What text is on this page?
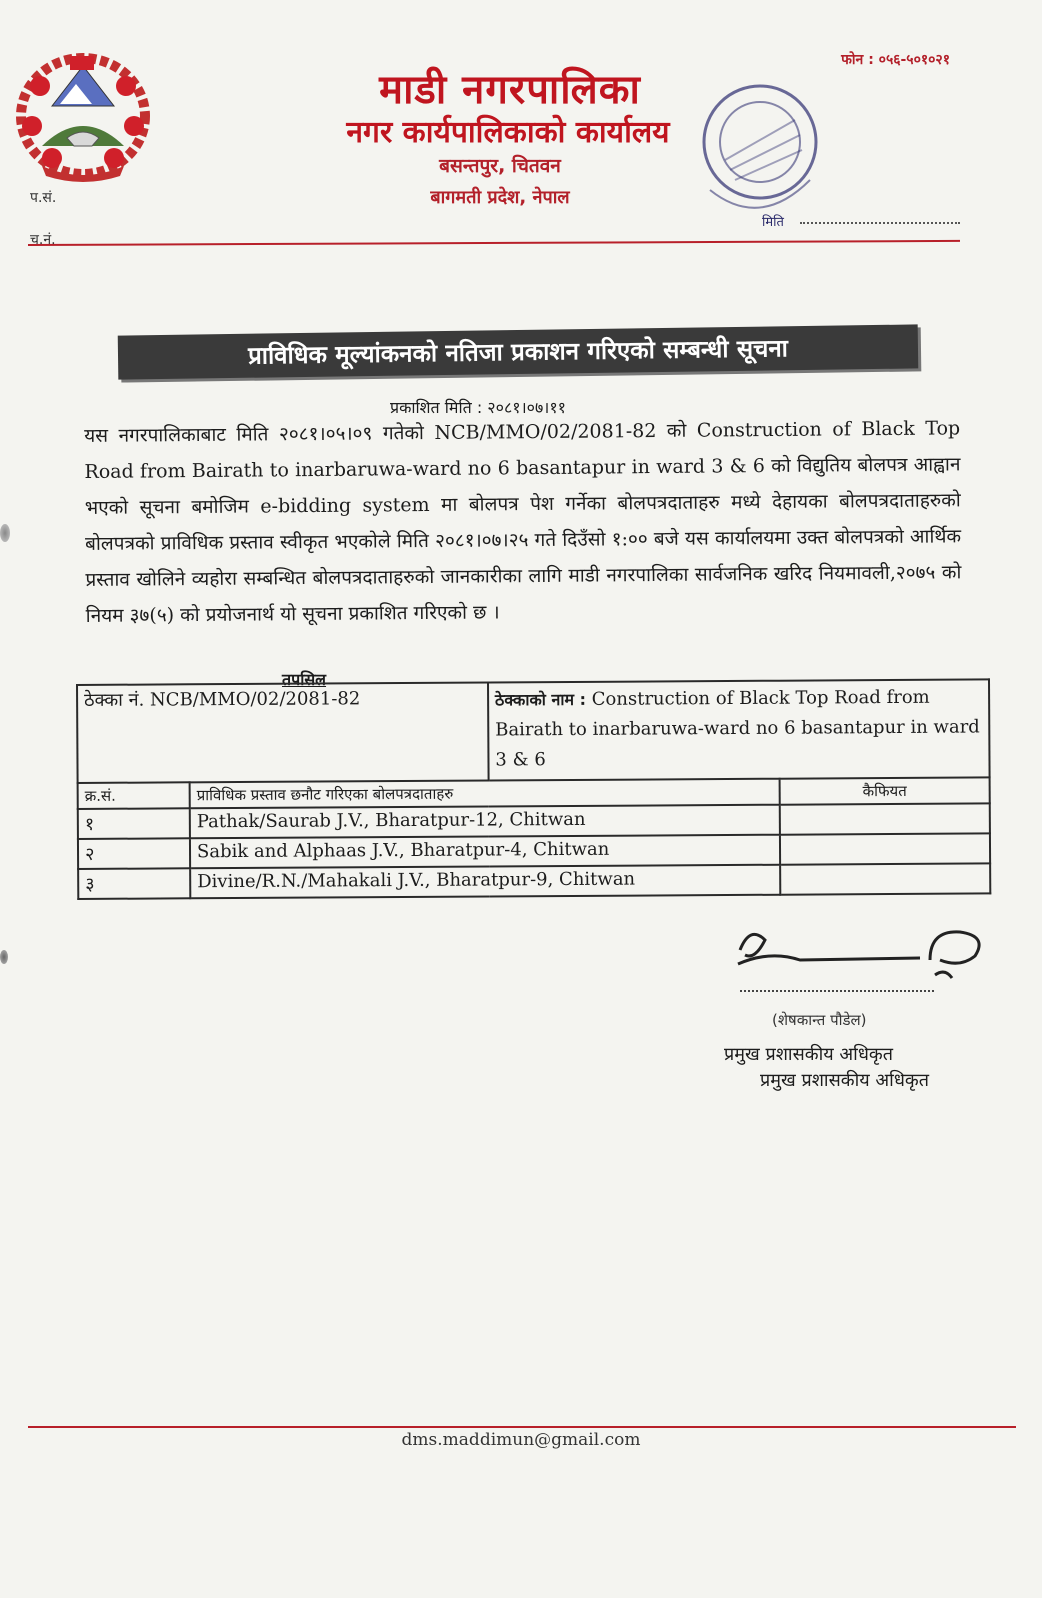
फोन : ०५६-५०१०२१
माडी नगरपालिका
नगर कार्यपालिकाको कार्यालय
बसन्तपुर, चितवन
बागमती प्रदेश, नेपाल
प.सं.
च.नं.
मिति
प्राविधिक मूल्यांकनको नतिजा प्रकाशन गरिएको सम्बन्धी सूचना
प्रकाशित मिति : २०८१।०७।११
यस नगरपालिकाबाट मिति २०८१।०५।०९ गतेको NCB/MMO/02/2081-82 को Construction of Black Top Road from Bairath to inarbaruwa-ward no 6 basantapur in ward 3 & 6 को विद्युतिय बोलपत्र आह्वान भएको सूचना बमोजिम e-bidding system मा बोलपत्र पेश गर्नेका बोलपत्रदाताहरु मध्ये देहायका बोलपत्रदाताहरुको बोलपत्रको प्राविधिक प्रस्ताव स्वीकृत भएकोले मिति २०८१।०७।२५ गते दिउँसो १:०० बजे यस कार्यालयमा उक्त बोलपत्रको आर्थिक प्रस्ताव खोलिने व्यहोरा सम्बन्धित बोलपत्रदाताहरुको जानकारीका लागि माडी नगरपालिका सार्वजनिक खरिद नियमावली,२०७५ को नियम ३७(५) को प्रयोजनार्थ यो सूचना प्रकाशित गरिएको छ ।
तपसिल
ठेक्का नं. NCB/MMO/02/2081-82		ठेक्काको नाम : Construction of Black Top Road from Bairath to inarbaruwa-ward no 6 basantapur in ward 3 & 6	
क्र.सं.	प्राविधिक प्रस्ताव छनौट गरिएका बोलपत्रदाताहरु		कैफियत
१	Pathak/Saurab J.V., Bharatpur-12, Chitwan		
२	Sabik and Alphaas J.V., Bharatpur-4, Chitwan		
३	Divine/R.N./Mahakali J.V., Bharatpur-9, Chitwan		
(शेषकान्त पौडेल)
प्रमुख प्रशासकीय अधिकृत
प्रमुख प्रशासकीय अधिकृत
dms.maddimun@gmail.com
